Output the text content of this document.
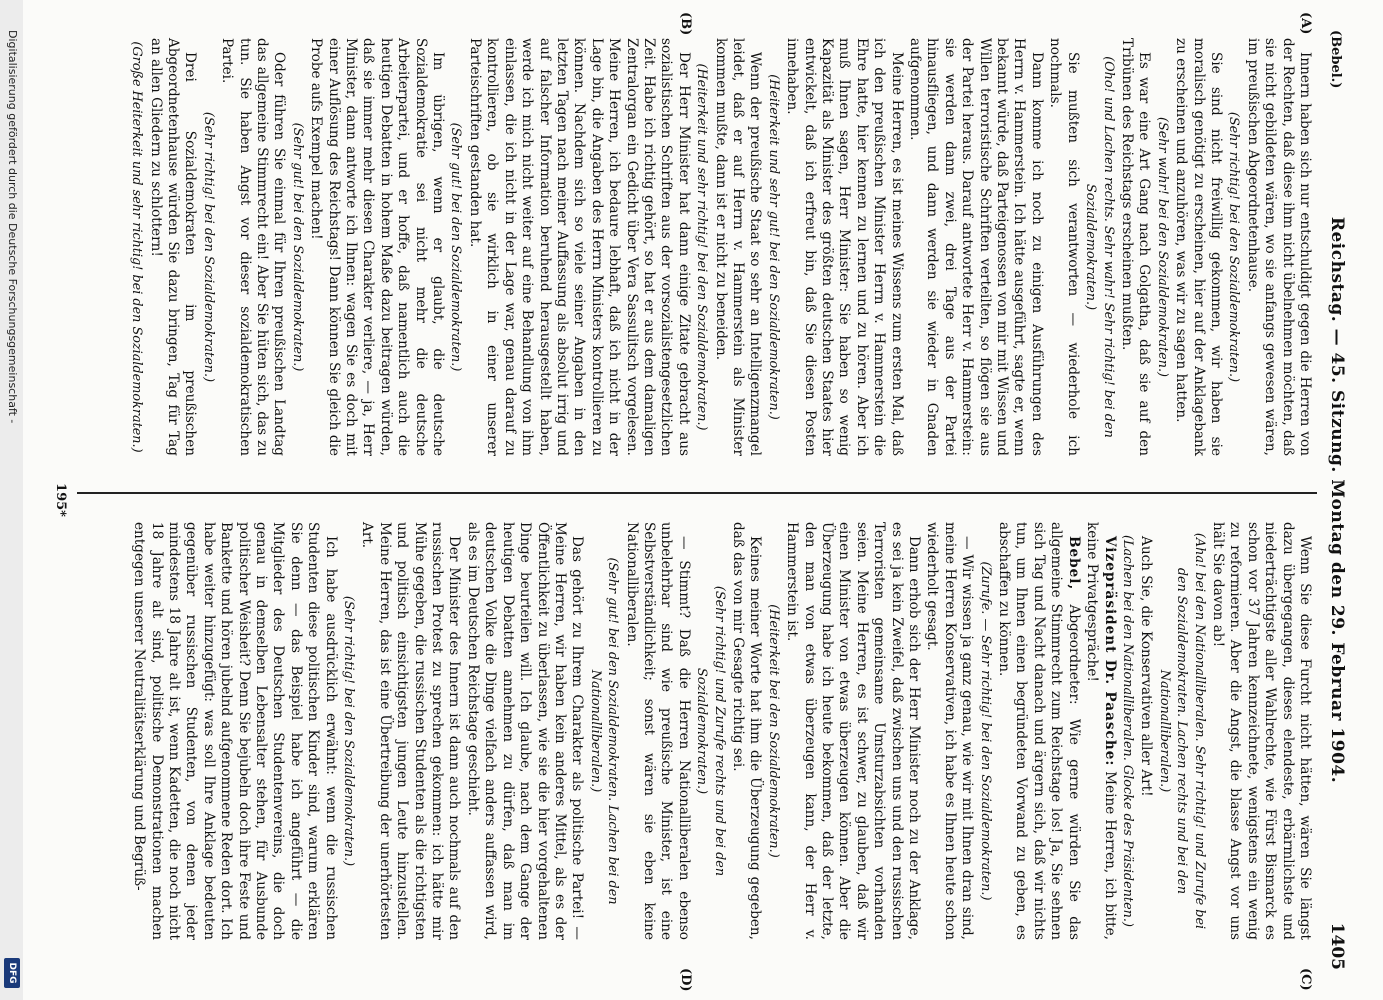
(Bebel.)
Reichstag. — 45. Sitzung. Montag den 29. Februar 1904.
1405
(A)
(B)
(C)
(D)
Innern haben sich nur entschuldigt gegen die Herren von der Rechten, daß diese ihm nicht übelnehmen möchten, daß sie nicht gebildeten wären, wo sie anfangs gewesen wären, im preußischen Abgeordnetenhause.
(Sehr richtig! bei den Sozialdemokraten.)
Sie sind nicht freiwillig gekommen, wir haben sie moralisch genötigt zu erscheinen, hier auf der Anklagebank zu erscheinen und anzuhören, was wir zu sagen hatten.
(Sehr wahr! bei den Sozialdemokraten.)
Es war eine Art Gang nach Golgatha, daß sie auf den Tribünen des Reichstags erscheinen mußten.
(Oho! und Lachen rechts. Sehr wahr! Sehr richtig! bei den Sozialdemokraten.)
Sie mußten sich verantworten — wiederhole ich nochmals.
Dann komme ich noch zu einigen Ausführungen des Herrn v. Hammerstein. Ich hätte ausgeführt, sagte er, wenn bekannt würde, daß Parteigenossen von mir mit Wissen und Willen terroristische Schriften verteilten, so flögen sie aus der Partei heraus. Darauf antwortete Herr v. Hammerstein: sie werden dann zwei, drei Tage aus der Partei hinausfliegen, und dann werden sie wieder in Gnaden aufgenommen.
Meine Herren, es ist meines Wissens zum ersten Mal, daß ich den preußischen Minister Herrn v. Hammerstein die Ehre hatte, hier kennen zu lernen und zu hören. Aber ich muß Ihnen sagen, Herr Minister: Sie haben so wenig Kapazität als Minister des größten deutschen Staates hier entwickelt, daß ich erfreut bin, daß Sie diesen Posten innehaben.
(Heiterkeit und sehr gut! bei den Sozialdemokraten.)
Wenn der preußische Staat so sehr an Intelligenzmangel leidet, daß er auf Herrn v. Hammerstein als Minister kommen mußte, dann ist er nicht zu beneiden.
(Heiterkeit und sehr richtig! bei den Sozialdemokraten.)
Der Herr Minister hat dann einige Zitate gebracht aus sozialistischen Schriften aus der vorsozialistengesetzlichen Zeit. Habe ich richtig gehört, so hat er aus dem damaligen Zentralorgan ein Gedicht über Vera Sassulitsch vorgelesen. Meine Herren, ich bedaure lebhaft, daß ich nicht in der Lage bin, die Angaben des Herrn Ministers kontrollieren zu können. Nachdem sich so viele seiner Angaben in den letzten Tagen nach meiner Auffassung als absolut irrig und auf falscher Information beruhend herausgestellt haben, werde ich mich nicht weiter auf eine Behandlung von ihm einlassen, die ich nicht in der Lage war, genau darauf zu kontrollieren, ob sie wirklich in einer unserer Parteischriften gestanden hat.
(Sehr gut! bei den Sozialdemokraten.)
Im übrigen, wenn er glaubt, die deutsche Sozialdemokratie sei nicht mehr die deutsche Arbeiterpartei, und er hoffe, daß namentlich auch die heutigen Debatten in hohem Maße dazu beitragen würden, daß sie immer mehr diesen Charakter verliere, — ja, Herr Minister, dann antworte ich Ihnen: wagen Sie es doch mit einer Auflösung des Reichstags! Dann können Sie gleich die Probe aufs Exempel machen!
(Sehr gut! bei den Sozialdemokraten.)
Oder führen Sie einmal für Ihren preußischen Landtag das allgemeine Stimmrecht ein! Aber Sie hüten sich, das zu tun. Sie haben Angst vor dieser sozialdemokratischen Partei.
(Sehr richtig! bei den Sozialdemokraten.)
Drei Sozialdemokraten im preußischen Abgeordnetenhause würden Sie dazu bringen, Tag für Tag an allen Gliedern zu schlottern!
(Große Heiterkeit und sehr richtig! bei den Sozialdemokraten.)
Wenn Sie diese Furcht nicht hätten, wären Sie längst dazu übergegangen, dieses elendeste, erbärmlichste und niederträchtigste aller Wahlrechte, wie Fürst Bismarck es schon vor 37 Jahren kennzeichnete, wenigstens ein wenig zu reformieren. Aber die Angst, die blasse Angst vor uns hält Sie davon ab!
(Aha! bei den Nationalliberalen. Sehr richtig! und Zurufe bei den Sozialdemokraten. Lachen rechts und bei den Nationalliberalen.)
Auch Sie, die Konservativen aller Art!
(Lachen bei den Nationalliberalen. Glocke des Präsidenten.)
Vizepräsident Dr. Paasche: Meine Herren, ich bitte, keine Privatgespräche!
Bebel, Abgeordneter: Wie gerne würden Sie das allgemeine Stimmrecht zum Reichstage los! Ja, Sie sehnen sich Tag und Nacht danach und ärgern sich, daß wir nichts tun, um Ihnen einen begründeten Vorwand zu geben, es abschaffen zu können.
(Zurufe. — Sehr richtig! bei den Sozialdemokraten.)
— Wir wissen ja ganz genau, wie wir mit Ihnen dran sind, meine Herren Konservativen, ich habe es Ihnen heute schon wiederholt gesagt.
Dann erhob sich der Herr Minister noch zu der Anklage, es sei ja kein Zweifel, daß zwischen uns und den russischen Terroristen gemeinsame Umsturzabsichten vorhanden seien. Meine Herren, es ist schwer, zu glauben, daß wir einen Minister von etwas überzeugen können. Aber die Überzeugung habe ich heute bekommen, daß der letzte, den man von etwas überzeugen kann, der Herr v. Hammerstein ist.
(Heiterkeit bei den Sozialdemokraten.)
Keines meiner Worte hat ihm die Überzeugung gegeben, daß das von mir Gesagte richtig sei.
(Sehr richtig! und Zurufe rechts und bei den Sozialdemokraten.)
— Stimmt? Daß die Herren Nationalliberalen ebenso unbelehrbar sind wie preußische Minister, ist eine Selbstverständlichkeit; sonst wären sie eben keine Nationalliberalen.
(Sehr gut! bei den Sozialdemokraten. Lachen bei den Nationalliberalen.)
Das gehört zu Ihrem Charakter als politische Partei! — Meine Herren, wir haben kein anderes Mittel, als es der Öffentlichkeit zu überlassen, wie sie die hier vorgehaltenen Dinge beurteilen will. Ich glaube, nach dem Gange der heutigen Debatten annehmen zu dürfen, daß man im deutschen Volke die Dinge vielfach anders auffassen wird, als es im Deutschen Reichstage geschieht.
Der Minister des Innern ist dann auch nochmals auf den russischen Protest zu sprechen gekommen: ich hätte mir Mühe gegeben, die russischen Studenten als die richtigsten und politisch einsichtigsten jungen Leute hinzustellen. Meine Herren, das ist eine Übertreibung der unerhörtesten Art.
(Sehr richtig! bei den Sozialdemokraten.)
Ich habe ausdrücklich erwähnt: wenn die russischen Studenten diese politischen Kinder sind, warum erklären Sie denn — das Beispiel habe ich angeführt — die Mitglieder des Deutschen Studentenvereins, die doch genau in demselben Lebensalter stehen, für Ausbunde politischer Weisheit? Denn Sie bejubeln doch ihre Feste und Bankette und hören jubelnd aufgenommene Reden dort. Ich habe weiter hinzugefügt: was soll Ihre Anklage bedeuten gegenüber russischen Studenten, von denen jeder mindestens 18 Jahre alt ist, wenn Kadetten, die noch nicht 18 Jahre alt sind, politische Demonstrationen machen entgegen unserer Neutralitätserklärung und Begrüß-
195*
Digitalisierung gefördert durch die Deutsche Forschungsgemeinschaft -
DFG
